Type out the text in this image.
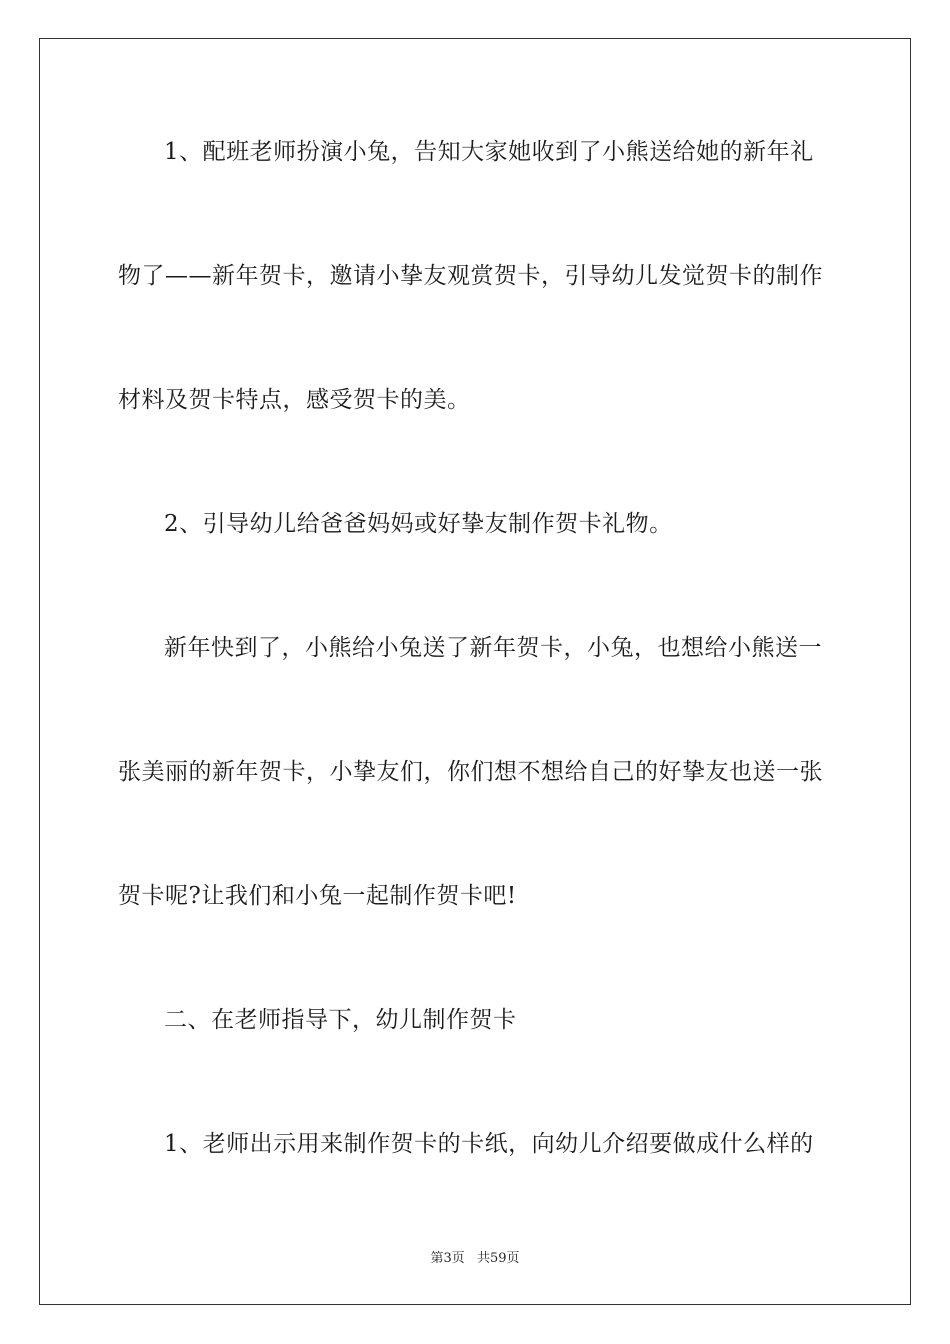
1、配班老师扮演小兔，告知大家她收到了小熊送给她的新年礼
物了——新年贺卡，邀请小挚友观赏贺卡，引导幼儿发觉贺卡的制作
材料及贺卡特点，感受贺卡的美。
2、引导幼儿给爸爸妈妈或好挚友制作贺卡礼物。
新年快到了，小熊给小兔送了新年贺卡，小兔，也想给小熊送一
张美丽的新年贺卡，小挚友们，你们想不想给自己的好挚友也送一张
贺卡呢?让我们和小兔一起制作贺卡吧!
二、在老师指导下，幼儿制作贺卡
1、老师出示用来制作贺卡的卡纸，向幼儿介绍要做成什么样的
第3页 共59页
